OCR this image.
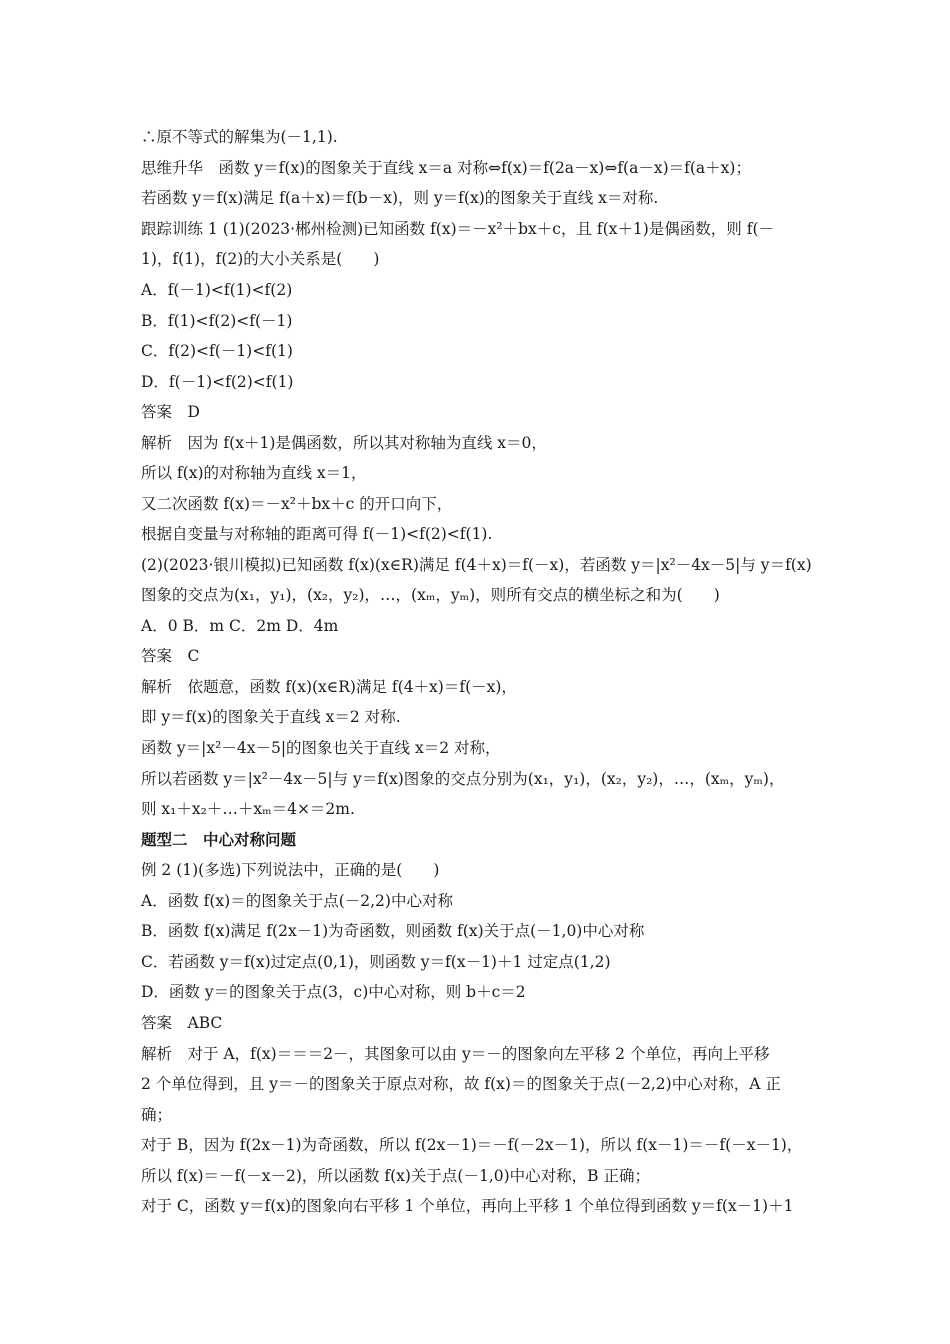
∴原不等式的解集为(－1,1).
思维升华　函数 y＝f(x)的图象关于直线 x＝a 对称⇔f(x)＝f(2a－x)⇔f(a－x)＝f(a＋x)；
若函数 y＝f(x)满足 f(a＋x)＝f(b－x)，则 y＝f(x)的图象关于直线 x＝对称.
跟踪训练 1 (1)(2023·郴州检测)已知函数 f(x)＝－x²＋bx＋c，且 f(x＋1)是偶函数，则 f(－
1)，f(1)，f(2)的大小关系是(　　)
A．f(－1)<f(1)<f(2)
B．f(1)<f(2)<f(－1)
C．f(2)<f(－1)<f(1)
D．f(－1)<f(2)<f(1)
答案　D
解析　因为 f(x＋1)是偶函数，所以其对称轴为直线 x＝0，
所以 f(x)的对称轴为直线 x＝1，
又二次函数 f(x)＝－x²＋bx＋c 的开口向下，
根据自变量与对称轴的距离可得 f(－1)<f(2)<f(1).
(2)(2023·银川模拟)已知函数 f(x)(x∈R)满足 f(4＋x)＝f(－x)，若函数 y＝|x²－4x－5|与 y＝f(x)
图象的交点为(x₁，y₁)，(x₂，y₂)，…，(xₘ，yₘ)，则所有交点的横坐标之和为(　　)
A．0 B．m C．2m D．4m
答案　C
解析　依题意，函数 f(x)(x∈R)满足 f(4＋x)＝f(－x)，
即 y＝f(x)的图象关于直线 x＝2 对称.
函数 y＝|x²－4x－5|的图象也关于直线 x＝2 对称，
所以若函数 y＝|x²－4x－5|与 y＝f(x)图象的交点分别为(x₁，y₁)，(x₂，y₂)，…，(xₘ，yₘ)，
则 x₁＋x₂＋…＋xₘ＝4×＝2m.
题型二　中心对称问题
例 2 (1)(多选)下列说法中，正确的是(　　)
A．函数 f(x)＝的图象关于点(－2,2)中心对称
B．函数 f(x)满足 f(2x－1)为奇函数，则函数 f(x)关于点(－1,0)中心对称
C．若函数 y＝f(x)过定点(0,1)，则函数 y＝f(x－1)＋1 过定点(1,2)
D．函数 y＝的图象关于点(3，c)中心对称，则 b＋c＝2
答案　ABC
解析　对于 A，f(x)＝＝＝2－，其图象可以由 y＝－的图象向左平移 2 个单位，再向上平移
2 个单位得到，且 y＝－的图象关于原点对称，故 f(x)＝的图象关于点(－2,2)中心对称，A 正
确；
对于 B，因为 f(2x－1)为奇函数，所以 f(2x－1)＝－f(－2x－1)，所以 f(x－1)＝－f(－x－1)，
所以 f(x)＝－f(－x－2)，所以函数 f(x)关于点(－1,0)中心对称，B 正确；
对于 C，函数 y＝f(x)的图象向右平移 1 个单位，再向上平移 1 个单位得到函数 y＝f(x－1)＋1
